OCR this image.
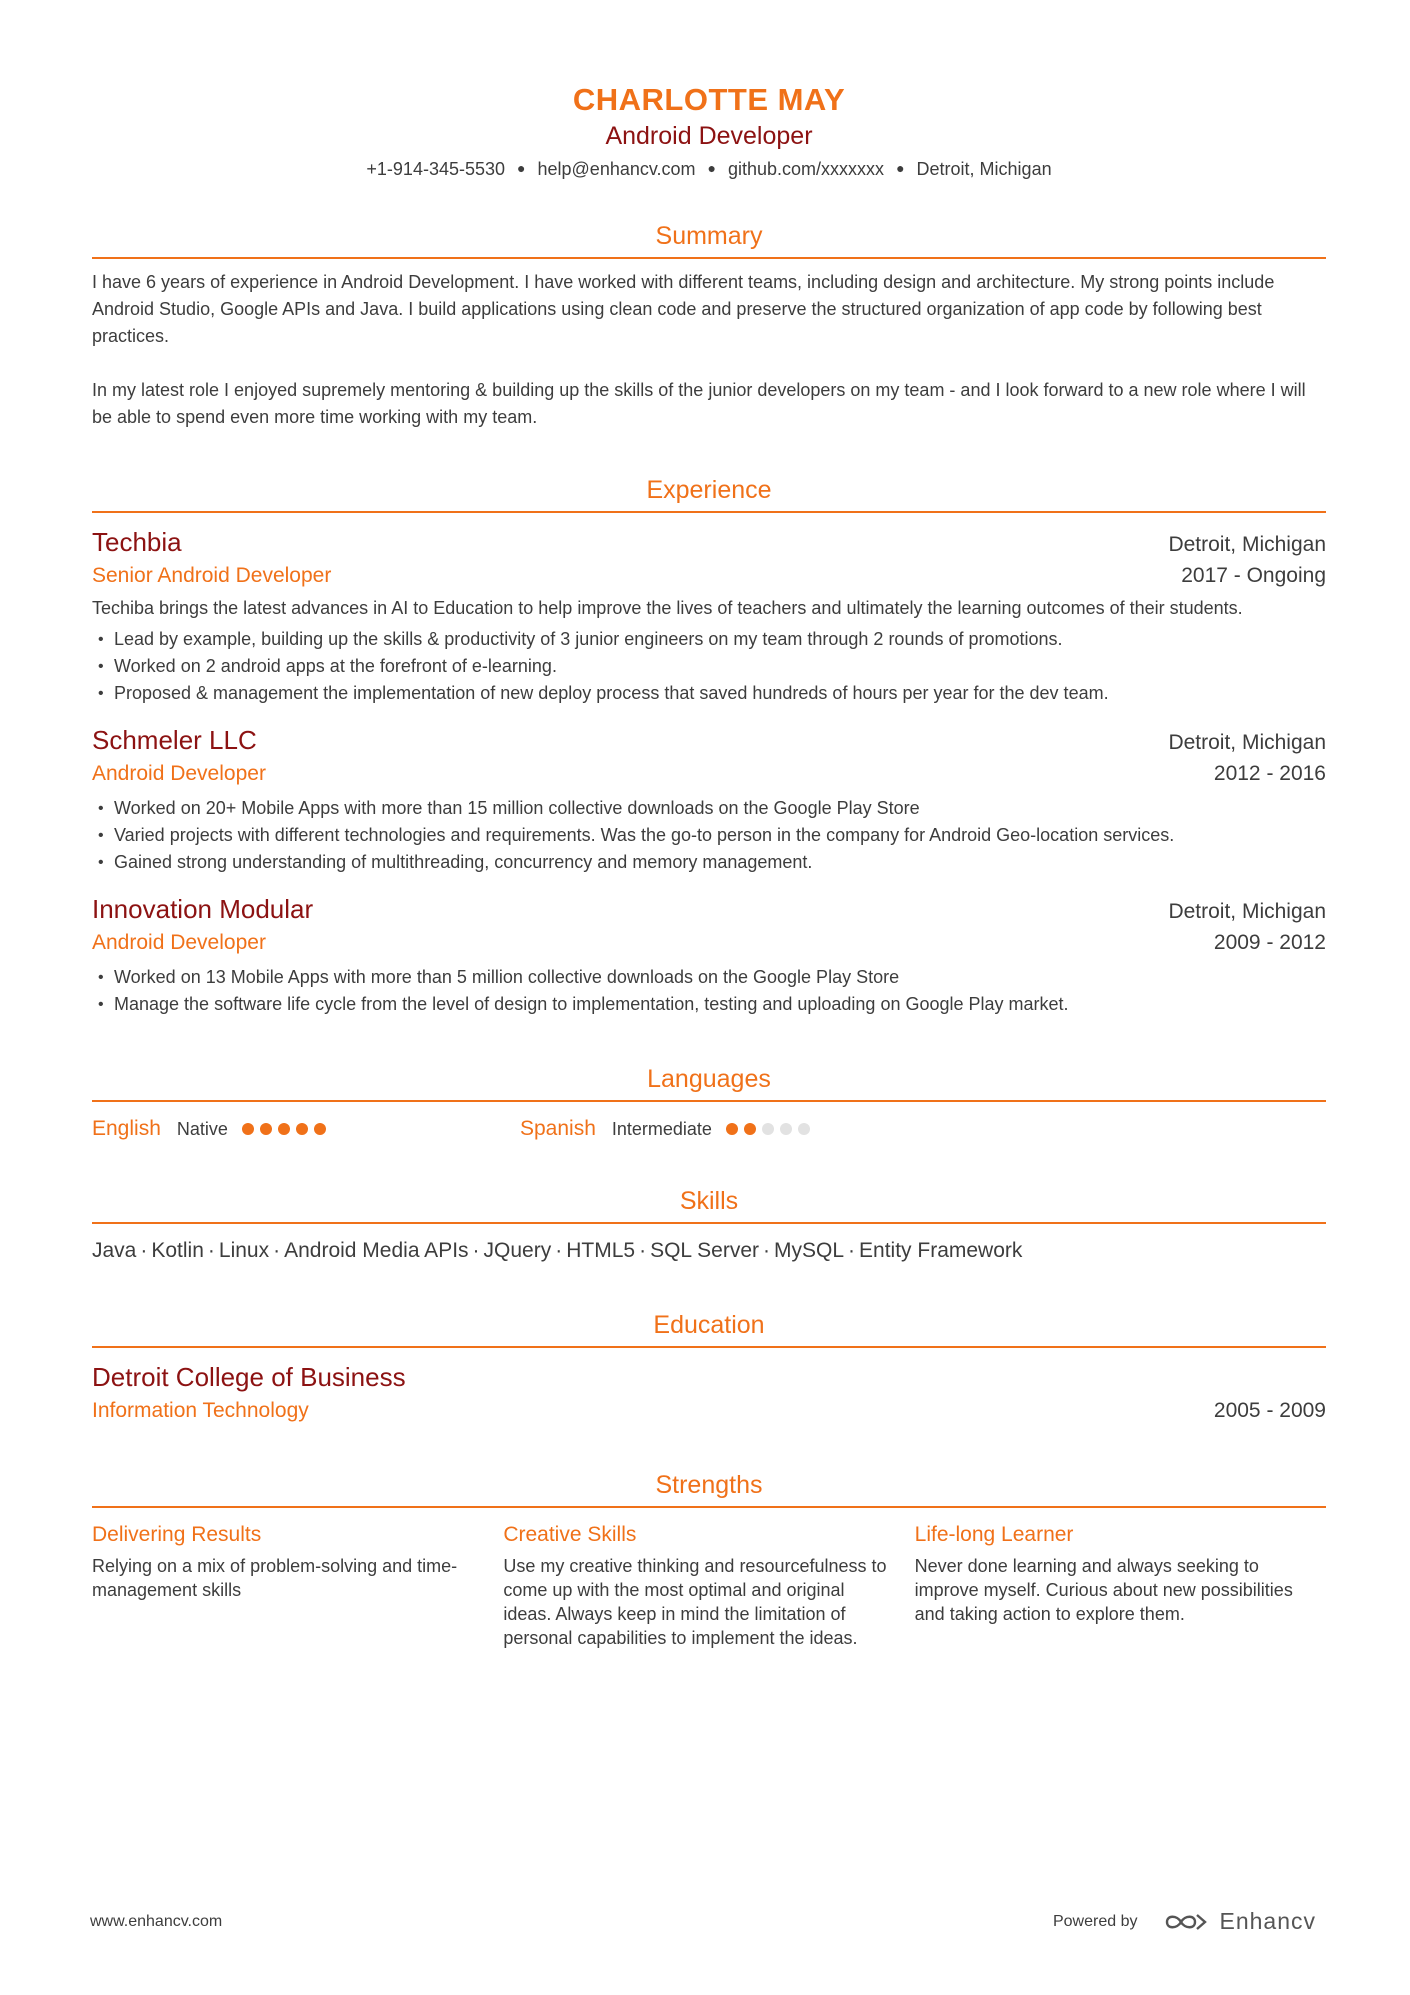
CHARLOTTE MAY
Android Developer
+1-914-345-5530 ● help@enhancv.com ● github.com/xxxxxxx ● Detroit, Michigan
Summary

I have 6 years of experience in Android Development. I have worked with different teams, including design and architecture. My strong points include Android Studio, Google APIs and Java. I build applications using clean code and preserve the structured organization of app code by following best practices.

In my latest role I enjoyed supremely mentoring & building up the skills of the junior developers on my team - and I look forward to a new role where I will be able to spend even more time working with my team.

Experience
Techbia	Detroit, Michigan
Senior Android Developer	2017 - Ongoing
Techiba brings the latest advances in AI to Education to help improve the lives of teachers and ultimately the learning outcomes of their students.
• Lead by example, building up the skills & productivity of 3 junior engineers on my team through 2 rounds of promotions.
• Worked on 2 android apps at the forefront of e-learning.
• Proposed & management the implementation of new deploy process that saved hundreds of hours per year for the dev team.
Schmeler LLC	Detroit, Michigan
Android Developer	2012 - 2016
• Worked on 20+ Mobile Apps with more than 15 million collective downloads on the Google Play Store
• Varied projects with different technologies and requirements. Was the go-to person in the company for Android Geo-location services.
• Gained strong understanding of multithreading, concurrency and memory management.
Innovation Modular	Detroit, Michigan
Android Developer	2009 - 2012
• Worked on 13 Mobile Apps with more than 5 million collective downloads on the Google Play Store
• Manage the software life cycle from the level of design to implementation, testing and uploading on Google Play market.
Languages
English Native	Spanish Intermediate
Skills
Java · Kotlin · Linux · Android Media APIs · JQuery · HTML5 · SQL Server · MySQL · Entity Framework
Education
Detroit College of Business
Information Technology	2005 - 2009
Strengths
Delivering Results
Relying on a mix of problem-solving and time-management skills
Creative Skills
Use my creative thinking and resourcefulness to come up with the most optimal and original ideas. Always keep in mind the limitation of personal capabilities to implement the ideas.
Life-long Learner
Never done learning and always seeking to improve myself. Curious about new possibilities and taking action to explore them.
www.enhancv.com	Powered by	Enhancv
